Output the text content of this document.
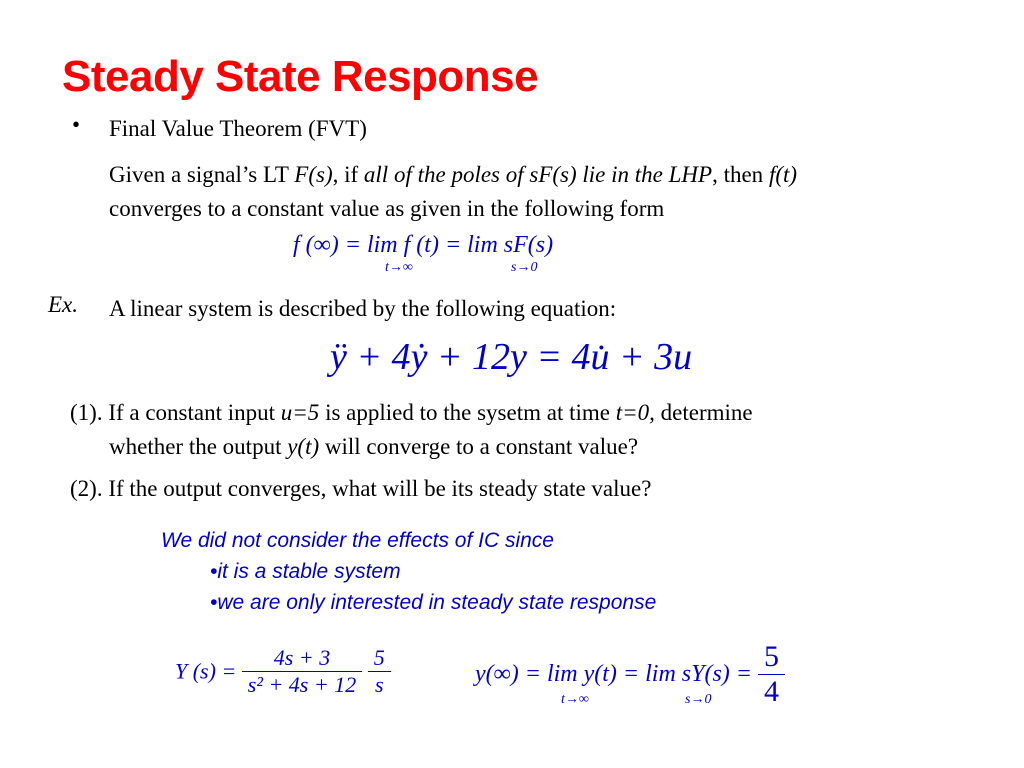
Steady State Response
• Final Value Theorem (FVT)
Given a signal’s LT F(s), if all of the poles of sF(s) lie in the LHP, then f(t)
converges to a constant value as given in the following form
f (∞) = lim f (t) = lim sF(s)
t→∞	s→0
Ex. A linear system is described by the following equation:
ÿ + 4ẏ + 12y = 4u̇ + 3u
(1). If a constant input u=5 is applied to the sysetm at time t=0, determine
whether the output y(t) will converge to a constant value?
(2). If the output converges, what will be its steady state value?
We did not consider the effects of IC since
•it is a stable system
•we are only interested in steady state response
Y $(s) = \frac{4s + 3}{\text{s² + 4s + 12}}$
$\frac{5}{s}$	$y(\infty) = \lim y(t) = \lim sY(s) = \frac{5}{4}$
t→∞	s→0
